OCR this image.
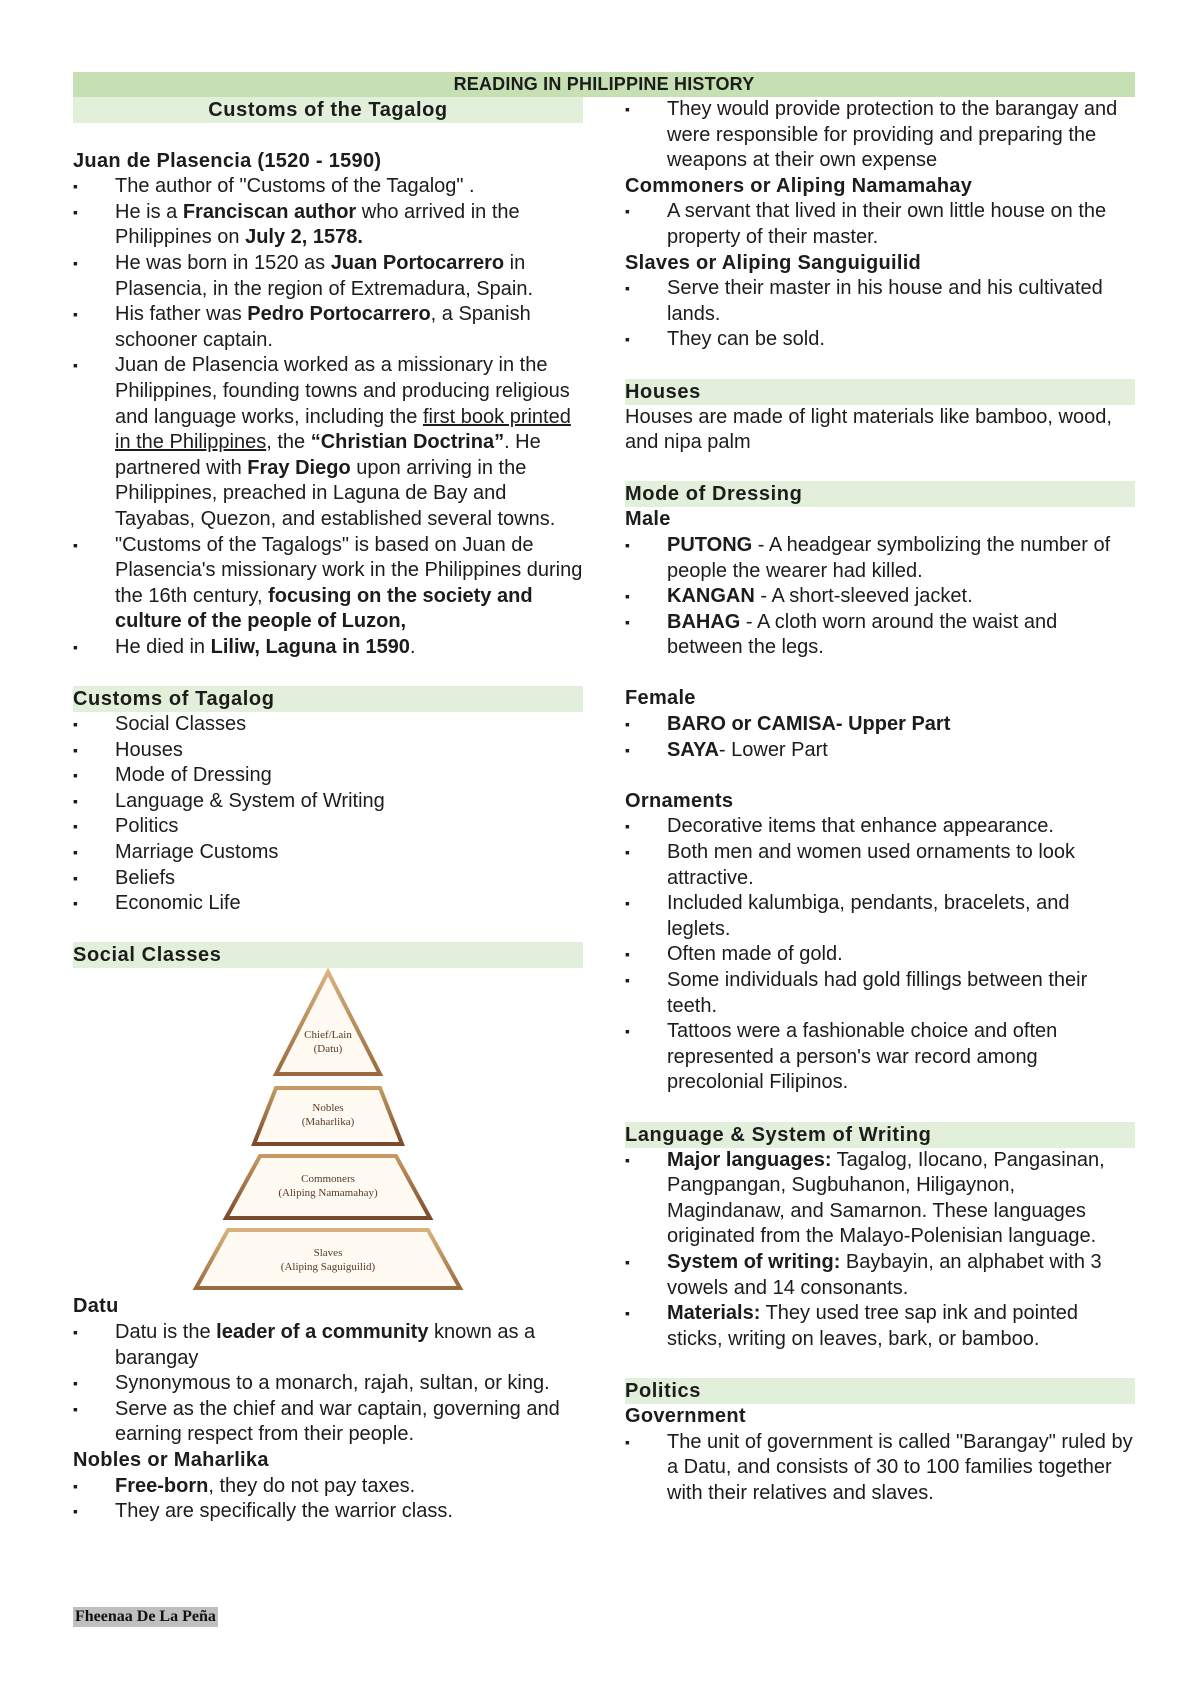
READING IN PHILIPPINE HISTORY
Customs of the Tagalog
Juan de Plasencia (1520 - 1590)
▪ The author of "Customs of the Tagalog" .
▪ He is a Franciscan author who arrived in the Philippines on July 2, 1578.
▪ He was born in 1520 as Juan Portocarrero in Plasencia, in the region of Extremadura, Spain.
▪ His father was Pedro Portocarrero, a Spanish schooner captain.
▪ Juan de Plasencia worked as a missionary in the Philippines, founding towns and producing religious and language works, including the first book printed in the Philippines, the “Christian Doctrina”. He partnered with Fray Diego upon arriving in the Philippines, preached in Laguna de Bay and Tayabas, Quezon, and established several towns.
▪ "Customs of the Tagalogs" is based on Juan de Plasencia's missionary work in the Philippines during the 16th century, focusing on the society and culture of the people of Luzon,
▪ He died in Liliw, Laguna in 1590.
Customs of Tagalog
▪ Social Classes
▪ Houses
▪ Mode of Dressing
▪ Language & System of Writing
▪ Politics
▪ Marriage Customs
▪ Beliefs
▪ Economic Life
Social Classes
Chief/Lain
(Datu)
Nobles
(Maharlika)
Commoners
(Aliping Namamahay)
Slaves
(Aliping Saguiguilid)
Datu
▪ Datu is the leader of a community known as a barangay
▪ Synonymous to a monarch, rajah, sultan, or king.
▪ Serve as the chief and war captain, governing and earning respect from their people.
Nobles or Maharlika
▪ Free-born, they do not pay taxes.
▪ They are specifically the warrior class.
▪ They would provide protection to the barangay and were responsible for providing and preparing the weapons at their own expense
Commoners or Aliping Namamahay
▪ A servant that lived in their own little house on the property of their master.
Slaves or Aliping Sanguiguilid
▪ Serve their master in his house and his cultivated lands.
▪ They can be sold.
Houses

Houses are made of light materials like bamboo, wood, and nipa palm

Mode of Dressing
Male
▪ PUTONG - A headgear symbolizing the number of people the wearer had killed.
▪ KANGAN - A short-sleeved jacket.
▪ BAHAG - A cloth worn around the waist and between the legs.
Female
▪ BARO or CAMISA- Upper Part
▪ SAYA- Lower Part
Ornaments
▪ Decorative items that enhance appearance.
▪ Both men and women used ornaments to look attractive.
▪ Included kalumbiga, pendants, bracelets, and leglets.
▪ Often made of gold.
▪ Some individuals had gold fillings between their teeth.
▪ Tattoos were a fashionable choice and often represented a person's war record among precolonial Filipinos.
Language & System of Writing
▪ Major languages: Tagalog, Ilocano, Pangasinan, Pangpangan, Sugbuhanon, Hiligaynon, Magindanaw, and Samarnon. These languages originated from the Malayo-Polenisian language.
▪ System of writing: Baybayin, an alphabet with 3 vowels and 14 consonants.
▪ Materials: They used tree sap ink and pointed sticks, writing on leaves, bark, or bamboo.
Politics
Government
▪ The unit of government is called "Barangay" ruled by a Datu, and consists of 30 to 100 families together with their relatives and slaves.
Fheenaa De La Peña
